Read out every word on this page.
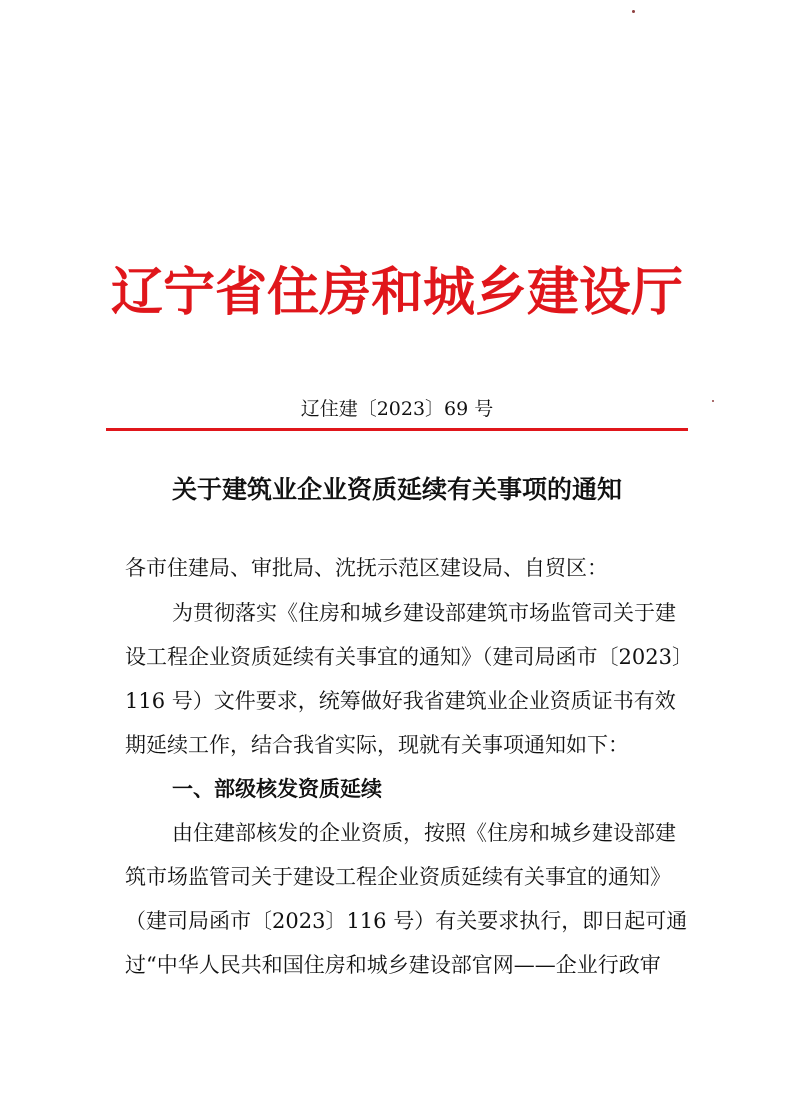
辽宁省住房和城乡建设厅
辽住建〔2023〕69 号
关于建筑业企业资质延续有关事项的通知
各市住建局、审批局、沈抚示范区建设局、自贸区：
为贯彻落实《住房和城乡建设部建筑市场监管司关于建
设工程企业资质延续有关事宜的通知》（建司局函市〔2023〕
116 号）文件要求，统筹做好我省建筑业企业资质证书有效
期延续工作，结合我省实际，现就有关事项通知如下：
一、部级核发资质延续
由住建部核发的企业资质，按照《住房和城乡建设部建
筑市场监管司关于建设工程企业资质延续有关事宜的通知》
（建司局函市〔2023〕116 号）有关要求执行，即日起可通
过“中华人民共和国住房和城乡建设部官网——企业行政审
